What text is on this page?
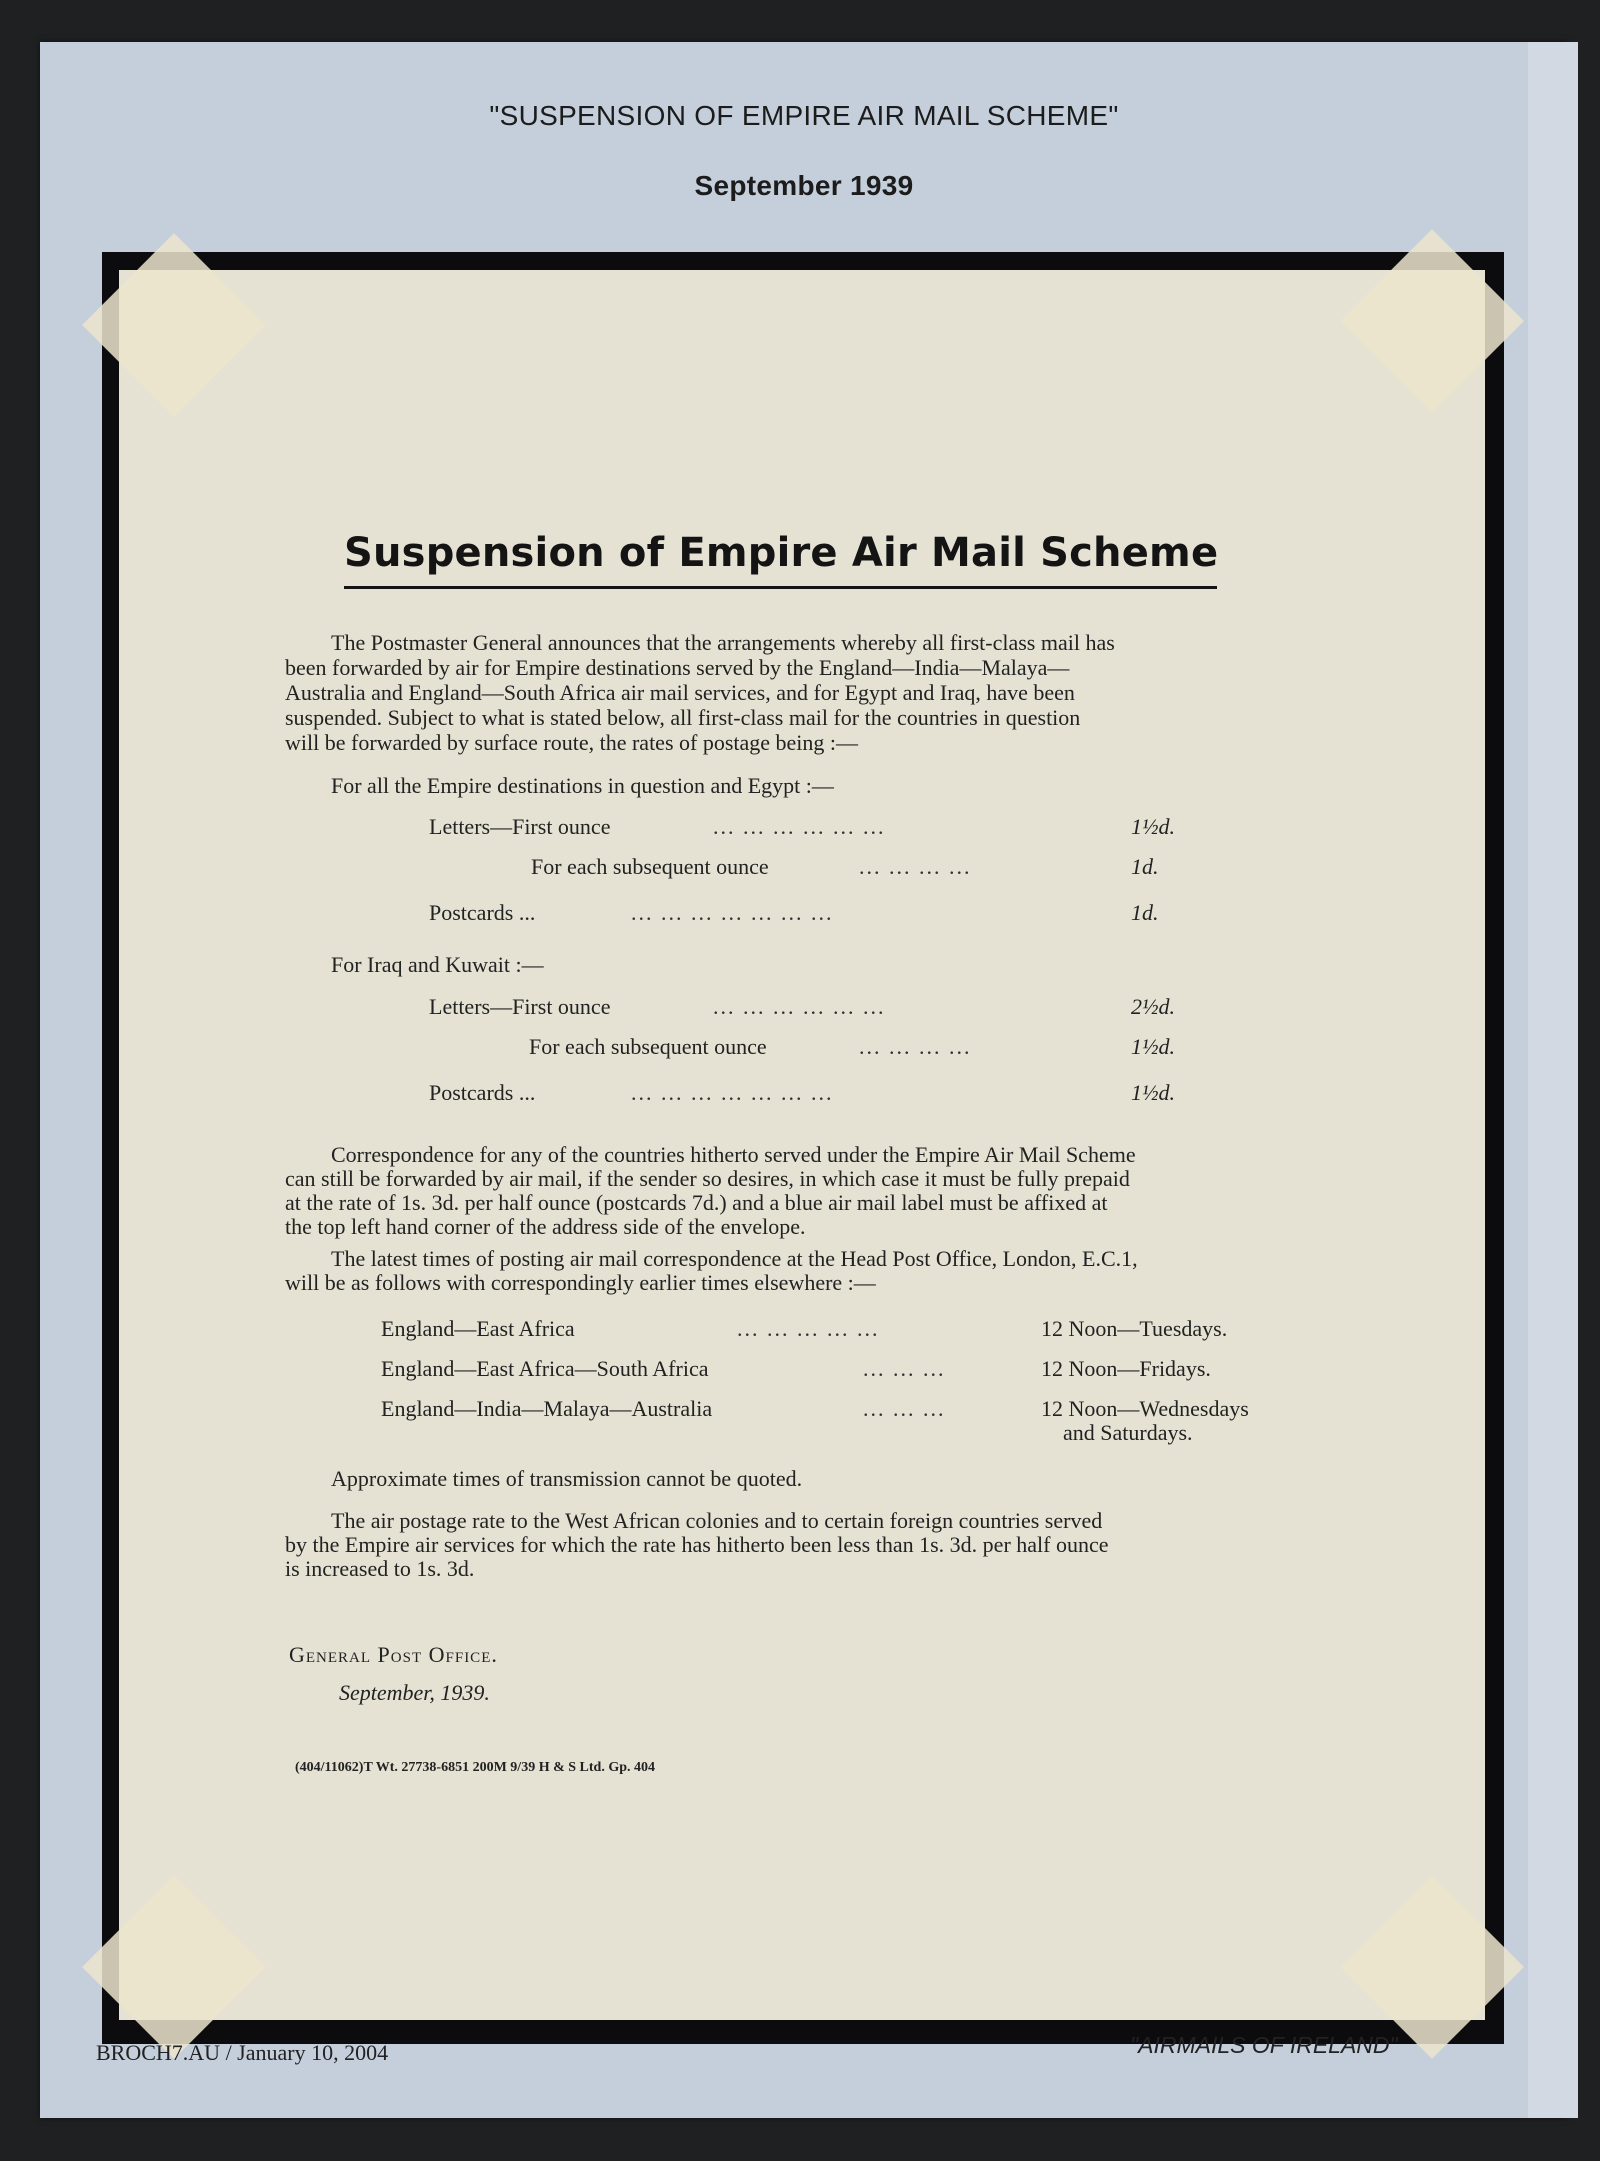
"SUSPENSION OF EMPIRE AIR MAIL SCHEME"
September 1939
Suspension of Empire Air Mail Scheme
The Postmaster General announces that the arrangements whereby all first-class mail has
been forwarded by air for Empire destinations served by the England—India—Malaya—
Australia and England—South Africa air mail services, and for Egypt and Iraq, have been
suspended. Subject to what is stated below, all first-class mail for the countries in question
will be forwarded by surface route, the rates of postage being :—
For all the Empire destinations in question and Egypt :—
Letters—First ounce	... ... ... ... ... ...	1½d.
For each subsequent ounce	... ... ... ...	1d.
Postcards ...	... ... ... ... ... ... ...	1d.
For Iraq and Kuwait :—
Letters—First ounce	... ... ... ... ... ...	2½d.
For each subsequent ounce	... ... ... ...	1½d.
Postcards ...	... ... ... ... ... ... ...	1½d.
Correspondence for any of the countries hitherto served under the Empire Air Mail Scheme
can still be forwarded by air mail, if the sender so desires, in which case it must be fully prepaid
at the rate of 1s. 3d. per half ounce (postcards 7d.) and a blue air mail label must be affixed at
the top left hand corner of the address side of the envelope.
The latest times of posting air mail correspondence at the Head Post Office, London, E.C.1,
will be as follows with correspondingly earlier times elsewhere :—
England—East Africa	... ... ... ... ...	12 Noon—Tuesdays.
England—East Africa—South Africa	... ... ...	12 Noon—Fridays.
England—India—Malaya—Australia	... ... ...	12 Noon—Wednesdays
and Saturdays.
Approximate times of transmission cannot be quoted.
The air postage rate to the West African colonies and to certain foreign countries served
by the Empire air services for which the rate has hitherto been less than 1s. 3d. per half ounce
is increased to 1s. 3d.
General Post Office.
September, 1939.
(404/11062)T Wt. 27738-6851 200M 9/39 H & S Ltd. Gp. 404
BROCH7.AU / January 10, 2004	"AIRMAILS OF IRELAND"
